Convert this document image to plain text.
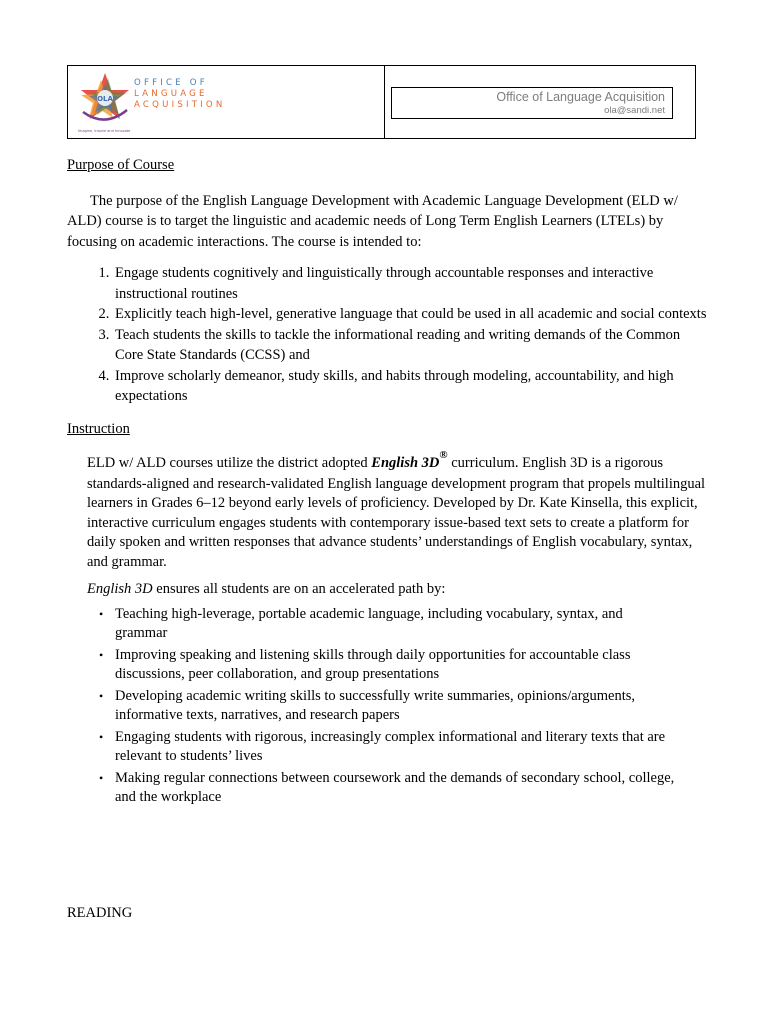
OLA
OFFICE OF
LANGUAGE
ACQUISITION
Imagine, Inspire and Innovate
Office of Language Acquisition
ola@sandi.net

Purpose of Course

The purpose of the English Language Development with Academic Language Development (ELD w/ ALD) course is to target the linguistic and academic needs of Long Term English Learners (LTELs) by focusing on academic interactions. The course is intended to:

1. Engage students cognitively and linguistically through accountable responses and interactive instructional routines
2. Explicitly teach high-level, generative language that could be used in all academic and social contexts
3. Teach students the skills to tackle the informational reading and writing demands of the Common Core State Standards (CCSS) and
4. Improve scholarly demeanor, study skills, and habits through modeling, accountability, and high expectations

Instruction

ELD w/ ALD courses utilize the district adopted English 3D® curriculum. English 3D is a rigorous standards-aligned and research-validated English language development program that propels multilingual learners in Grades 6–12 beyond early levels of proficiency. Developed by Dr. Kate Kinsella, this explicit, interactive curriculum engages students with contemporary issue-based text sets to create a platform for daily spoken and written responses that advance students’ understandings of English vocabulary, syntax, and grammar.

English 3D ensures all students are on an accelerated path by:

• Teaching high-leverage, portable academic language, including vocabulary, syntax, and grammar
• Improving speaking and listening skills through daily opportunities for accountable class discussions, peer collaboration, and group presentations
• Developing academic writing skills to successfully write summaries, opinions/arguments, informative texts, narratives, and research papers
• Engaging students with rigorous, increasingly complex informational and literary texts that are relevant to students’ lives
• Making regular connections between coursework and the demands of secondary school, college, and the workplace
READING
